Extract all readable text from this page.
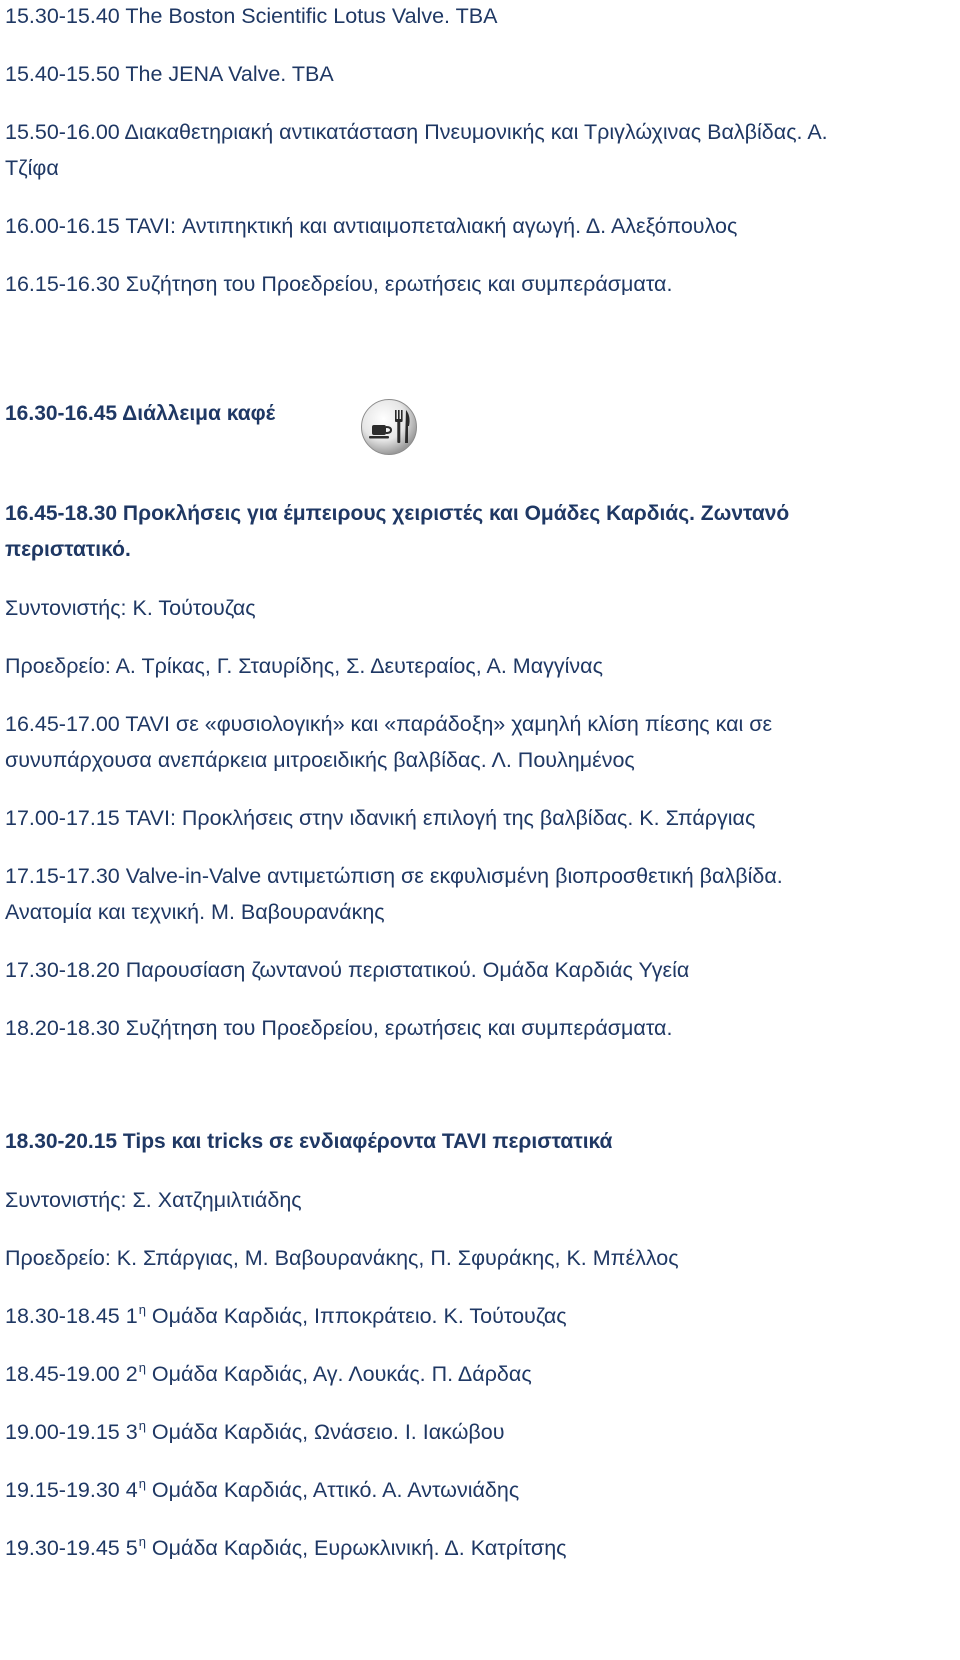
15.30-15.40 The Boston Scientific Lotus Valve. TBA

15.40-15.50 The JENA Valve. TBA

15.50-16.00 Διακαθετηριακή αντικατάσταση Πνευμονικής και Τριγλώχινας Βαλβίδας. Α.

Τζίφα

16.00-16.15 TAVI: Αντιπηκτική και αντιαιμοπεταλιακή αγωγή. Δ. Αλεξόπουλος

16.15-16.30 Συζήτηση του Προεδρείου, ερωτήσεις και συμπεράσματα.

16.30-16.45 Διάλλειμα καφέ

16.45-18.30 Προκλήσεις για έμπειρους χειριστές και Ομάδες Καρδιάς. Ζωντανό

περιστατικό.

Συντονιστής: Κ. Τούτουζας

Προεδρείο: Α. Τρίκας, Γ. Σταυρίδης, Σ. Δευτεραίος, Α. Μαγγίνας

16.45-17.00 TAVI σε «φυσιολογική» και «παράδοξη» χαμηλή κλίση πίεσης και σε

συνυπάρχουσα ανεπάρκεια μιτροειδικής βαλβίδας. Λ. Πουλημένος

17.00-17.15 TAVI: Προκλήσεις στην ιδανική επιλογή της βαλβίδας. Κ. Σπάργιας

17.15-17.30 Valve-in-Valve αντιμετώπιση σε εκφυλισμένη βιοπροσθετική βαλβίδα.

Ανατομία και τεχνική. Μ. Βαβουρανάκης

17.30-18.20 Παρουσίαση ζωντανού περιστατικού. Ομάδα Καρδιάς Υγεία

18.20-18.30 Συζήτηση του Προεδρείου, ερωτήσεις και συμπεράσματα.

18.30-20.15 Tips και tricks σε ενδιαφέροντα TAVI περιστατικά

Συντονιστής: Σ. Χατζημιλτιάδης

Προεδρείο: Κ. Σπάργιας, Μ. Βαβουρανάκης, Π. Σφυράκης, Κ. Μπέλλος

18.30-18.45 $1^\eta$ Ομάδα Καρδιάς, Ιπποκράτειο. Κ. Τούτουζας

18.45-19.00 $2^\eta$ Ομάδα Καρδιάς, Αγ. Λουκάς. Π. Δάρδας

19.00-19.15 $3^\eta$ Ομάδα Καρδιάς, Ωνάσειο. Ι. Ιακώβου

19.15-19.30 $4^\eta$ Ομάδα Καρδιάς, Αττικό. Α. Αντωνιάδης

19.30-19.45 $5^\eta$ Ομάδα Καρδιάς, Ευρωκλινική. Δ. Κατρίτσης
